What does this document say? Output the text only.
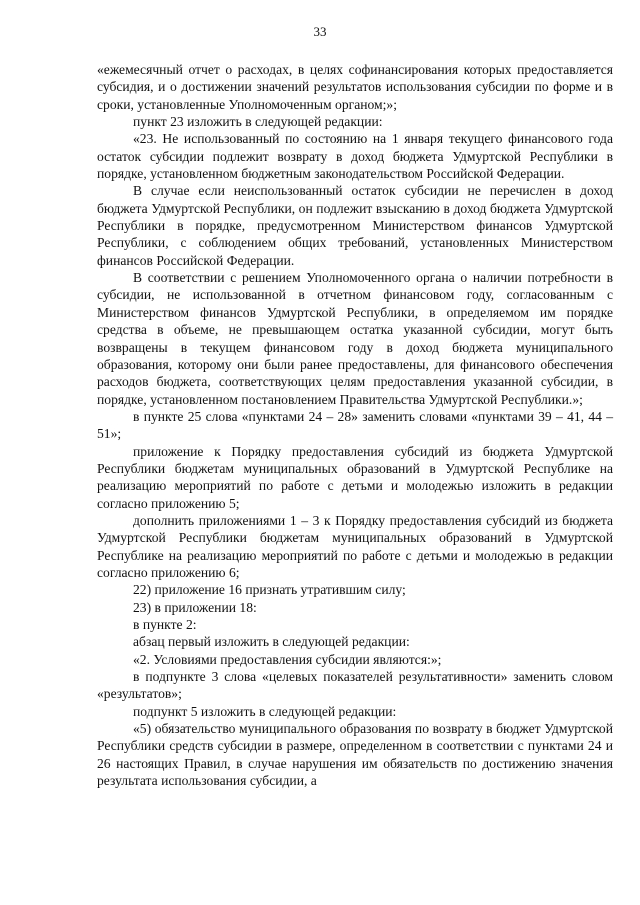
33

«ежемесячный отчет о расходах, в целях софинансирования которых предоставляется субсидия, и о достижении значений результатов использования субсидии по форме и в сроки, установленные Уполномоченным органом;»;

пункт 23 изложить в следующей редакции:

«23. Не использованный по состоянию на 1 января текущего финансового года остаток субсидии подлежит возврату в доход бюджета Удмуртской Республики в порядке, установленном бюджетным законодательством Российской Федерации.

В случае если неиспользованный остаток субсидии не перечислен в доход бюджета Удмуртской Республики, он подлежит взысканию в доход бюджета Удмуртской Республики в порядке, предусмотренном Министерством финансов Удмуртской Республики, с соблюдением общих требований, установленных Министерством финансов Российской Федерации.

В соответствии с решением Уполномоченного органа о наличии потребности в субсидии, не использованной в отчетном финансовом году, согласованным с Министерством финансов Удмуртской Республики, в определяемом им порядке средства в объеме, не превышающем остатка указанной субсидии, могут быть возвращены в текущем финансовом году в доход бюджета муниципального образования, которому они были ранее предоставлены, для финансового обеспечения расходов бюджета, соответствующих целям предоставления указанной субсидии, в порядке, установленном постановлением Правительства Удмуртской Республики.»;

в пункте 25 слова «пунктами 24 – 28» заменить словами «пунктами 39 – 41, 44 – 51»;

приложение к Порядку предоставления субсидий из бюджета Удмуртской Республики бюджетам муниципальных образований в Удмуртской Республике на реализацию мероприятий по работе с детьми и молодежью изложить в редакции согласно приложению 5;

дополнить приложениями 1 – 3 к Порядку предоставления субсидий из бюджета Удмуртской Республики бюджетам муниципальных образований в Удмуртской Республике на реализацию мероприятий по работе с детьми и молодежью в редакции согласно приложению 6;

22) приложение 16 признать утратившим силу;

23) в приложении 18:

в пункте 2:

абзац первый изложить в следующей редакции:

«2. Условиями предоставления субсидии являются:»;

в подпункте 3 слова «целевых показателей результативности» заменить словом «результатов»;

подпункт 5 изложить в следующей редакции:

«5) обязательство муниципального образования по возврату в бюджет Удмуртской Республики средств субсидии в размере, определенном в соответствии с пунктами 24 и 26 настоящих Правил, в случае нарушения им обязательств по достижению значения результата использования субсидии, а
